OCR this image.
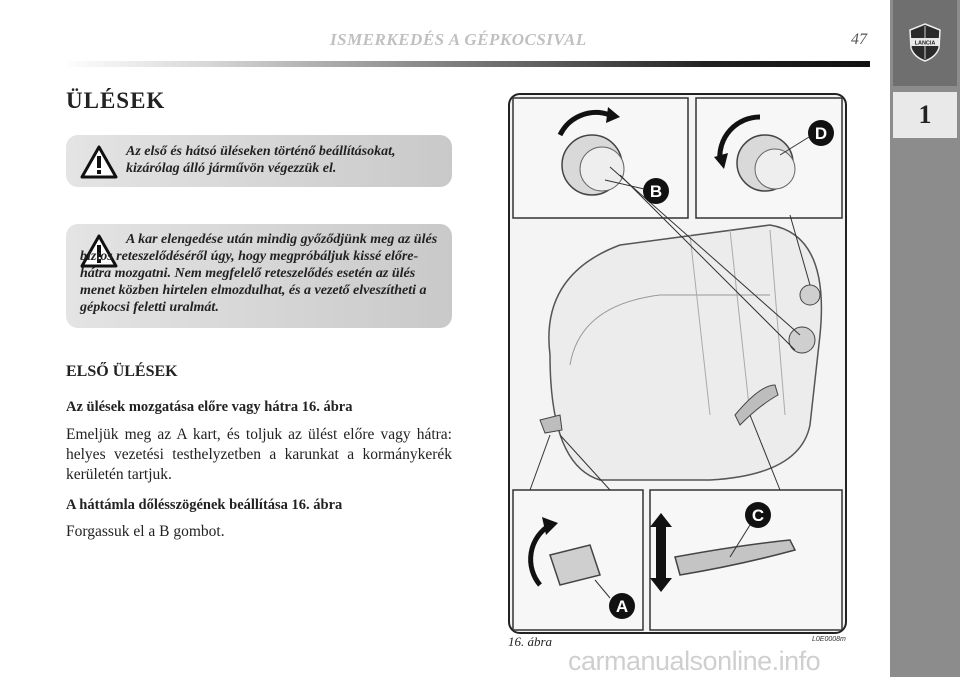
ISMERKEDÉS A GÉPKOCSIVAL	47	LANCIA
1
ÜLÉSEK
Az első és hátsó üléseken történő beállításokat, kizárólag álló járművön végezzük el.
A kar elengedése után mindig győződjünk meg az ülés biztos reteszelődéséről úgy, hogy megpróbáljuk kissé előre-hátra mozgatni. Nem megfelelő reteszelődés esetén az ülés menet közben hirtelen elmozdulhat, és a vezető elveszítheti a gépkocsi feletti uralmát.
ELSŐ ÜLÉSEK
Az ülések mozgatása előre vagy hátra 16. ábra
Emeljük meg az A kart, és toljuk az ülést előre vagy hátra: helyes vezetési testhelyzetben a karunkat a kormánykerék kerületén tartjuk.
A háttámla dőlésszögének beállítása 16. ábra
Forgassuk el a B gombot.
B
D
C
A
16. ábra	L0E0008m
carmanualsonline.info
